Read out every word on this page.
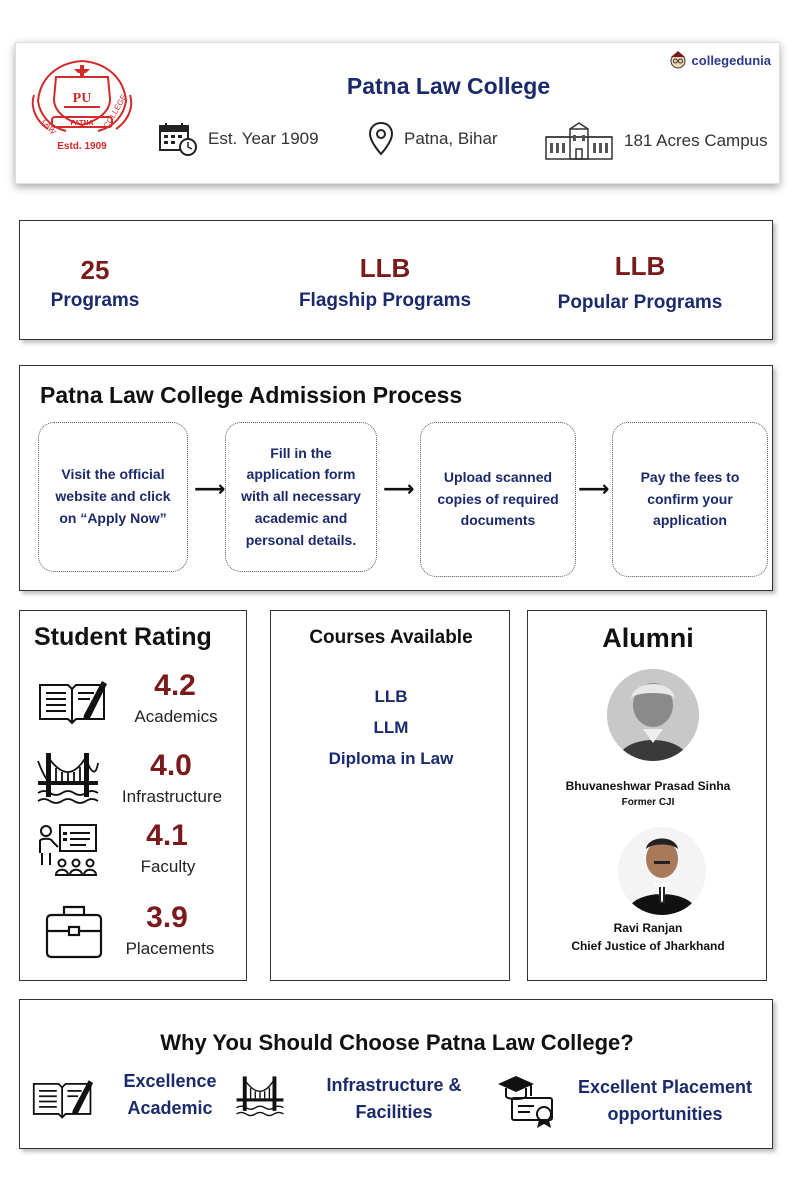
PU
PATNA
LAW	COLLEGE
Estd. 1909
collegedunia
Patna Law College
Est. Year 1909	Patna, Bihar	181 Acres Campus
25
Programs
LLB
Flagship Programs
LLB
Popular Programs
Patna Law College Admission Process
Visit the official website and click on “Apply Now”
⟶
Fill in the application form with all necessary academic and personal details.
⟶	Upload scanned copies of required documents
⟶	Pay the fees to confirm your application
Student Rating
4.2
Academics
4.0
Infrastructure
4.1
Faculty
3.9
Placements
Courses Available
LLB
LLM
Diploma in Law
Alumni
Bhuvaneshwar Prasad Sinha
Former CJI
Ravi Ranjan
Chief Justice of Jharkhand
Why You Should Choose Patna Law College?
Excellence Academic
Infrastructure & Facilities
Excellent Placement opportunities
